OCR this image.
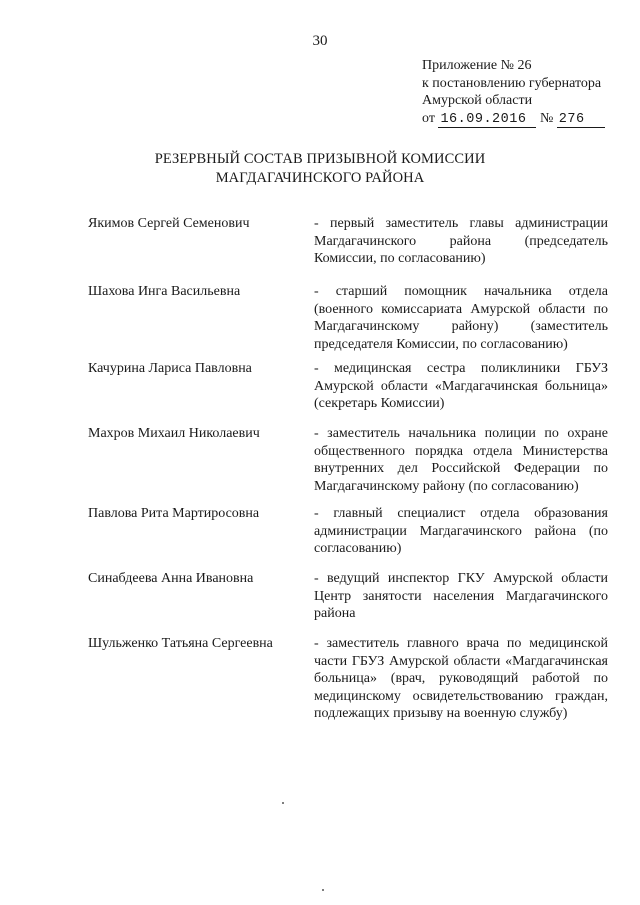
30
Приложение № 26
к постановлению губернатора
Амурской области
от 16.09.2016 № 276
РЕЗЕРВНЫЙ СОСТАВ ПРИЗЫВНОЙ КОМИССИИ
МАГДАГАЧИНСКОГО РАЙОНА
Якимов Сергей Семенович	- первый заместитель главы администрации Магдагачинского района (председатель Комиссии, по согласованию)
Шахова Инга Васильевна	- старший помощник начальника отдела (военного комиссариата Амурской области по Магдагачинскому району) (заместитель председателя Комиссии, по согласованию)
Качурина Лариса Павловна	- медицинская сестра поликлиники ГБУЗ Амурской области «Магдагачинская больница» (секретарь Комиссии)
Махров Михаил Николаевич	- заместитель начальника полиции по охране общественного порядка отдела Министерства внутренних дел Российской Федерации по Магдагачинскому району (по согласованию)
Павлова Рита Мартиросовна	- главный специалист отдела образования администрации Магдагачинского района (по согласованию)
Синабдеева Анна Ивановна	- ведущий инспектор ГКУ Амурской области Центр занятости населения Магдагачинского района
Шульженко Татьяна Сергеевна	- заместитель главного врача по медицинской части ГБУЗ Амурской области «Магдагачинская больница» (врач, руководящий работой по медицинскому освидетельствованию граждан, подлежащих призыву на военную службу)
